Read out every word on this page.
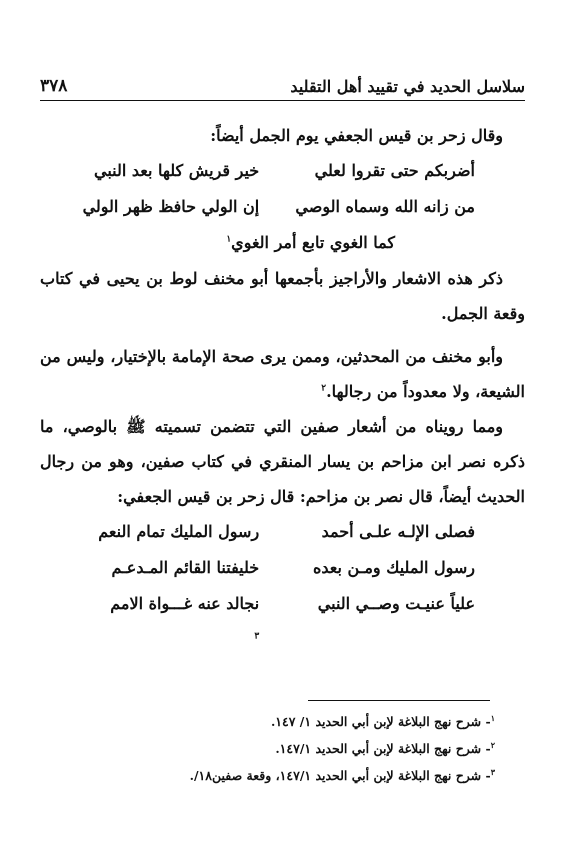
سلاسل الحديد في تقييد أهل التقليد
٣٧٨

وقال زحر بن قيس الجعفي يوم الجمل أيضاً:

أضربكم حتى تقروا لعلي
خير قريش كلها بعد النبي
من زانه الله وسماه الوصي
إن الولي حافظ ظهر الولي
كما الغوي تابع أمر الغوي$^١$

ذكر هذه الاشعار والأراجيز بأجمعها أبو مخنف لوط بن يحيى في كتاب وقعة الجمل.

وأبو مخنف من المحدثين، وممن يرى صحة الإمامة بالإختيار، وليس من الشيعة، ولا معدوداً من رجالها.$^٢$

ومما رويناه من أشعار صفين التي تتضمن تسميته ﷺ بالوصي، ما ذكره نصر ابن مزاحم بن يسار المنقري في كتاب صفين، وهو من رجال الحديث أيضاً، قال نصر بن مزاحم: قال زحر بن قيس الجعفي:

فصلى الإلـه علـى أحمد
رسول المليك تمام النعم
رسول المليك ومـن بعده
خليفتنا القائم المـدعـم
علياً عنيـت وصــي النبي
نجالد عنه غـــواة الامم
$^٣$
$^١$- شرح نهج البلاغة لإبن أبي الحديد ١/ ١٤٧.
$^٢$- شرح نهج البلاغة لإبن أبي الحديد ١٤٧/١.
$^٣$- شرح نهج البلاغة لإبن أبي الحديد ١٤٧/١، وقعة صفين١٨/.
